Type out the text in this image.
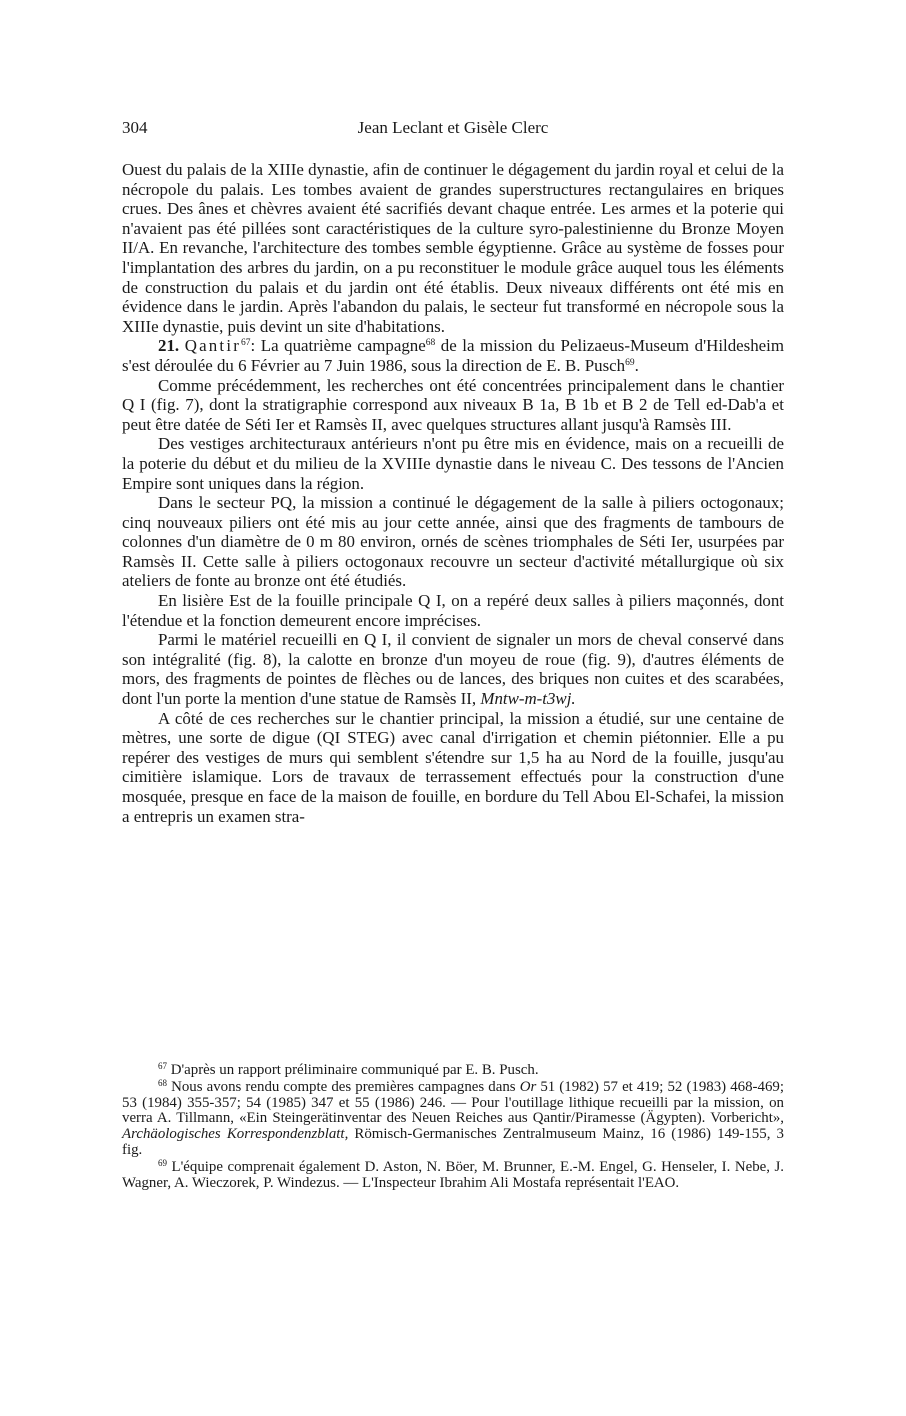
304	Jean Leclant et Gisèle Clerc

Ouest du palais de la XIIIe dynastie, afin de continuer le dégagement du jardin royal et celui de la nécropole du palais. Les tombes avaient de grandes superstructures rectangulaires en briques crues. Des ânes et chèvres avaient été sacrifiés devant chaque entrée. Les armes et la poterie qui n'avaient pas été pillées sont caractéristiques de la culture syro-palestinienne du Bronze Moyen II/A. En revanche, l'architecture des tombes semble égyptienne. Grâce au système de fosses pour l'implantation des arbres du jardin, on a pu reconstituer le module grâce auquel tous les éléments de construction du palais et du jardin ont été établis. Deux niveaux différents ont été mis en évidence dans le jardin. Après l'abandon du palais, le secteur fut transformé en nécropole sous la XIIIe dynastie, puis devint un site d'habitations.

21. Qantir$^{67}$: La quatrième campagne$^{68}$ de la mission du Pelizaeus-Museum d'Hildesheim s'est déroulée du 6 Février au 7 Juin 1986, sous la direction de E. B. Pusch$^{69}$.

Comme précédemment, les recherches ont été concentrées principalement dans le chantier Q I (fig. 7), dont la stratigraphie correspond aux niveaux B 1a, B 1b et B 2 de Tell ed-Dab'a et peut être datée de Séti Ier et Ramsès II, avec quelques structures allant jusqu'à Ramsès III.

Des vestiges architecturaux antérieurs n'ont pu être mis en évidence, mais on a recueilli de la poterie du début et du milieu de la XVIIIe dynastie dans le niveau C. Des tessons de l'Ancien Empire sont uniques dans la région.

Dans le secteur PQ, la mission a continué le dégagement de la salle à piliers octogonaux; cinq nouveaux piliers ont été mis au jour cette année, ainsi que des fragments de tambours de colonnes d'un diamètre de 0 m 80 environ, ornés de scènes triomphales de Séti Ier, usurpées par Ramsès II. Cette salle à piliers octogonaux recouvre un secteur d'activité métallurgique où six ateliers de fonte au bronze ont été étudiés.

En lisière Est de la fouille principale Q I, on a repéré deux salles à piliers maçonnés, dont l'étendue et la fonction demeurent encore imprécises.

Parmi le matériel recueilli en Q I, il convient de signaler un mors de cheval conservé dans son intégralité (fig. 8), la calotte en bronze d'un moyeu de roue (fig. 9), d'autres éléments de mors, des fragments de pointes de flèches ou de lances, des briques non cuites et des scarabées, dont l'un porte la mention d'une statue de Ramsès II, Mntw-m-t3wj.

A côté de ces recherches sur le chantier principal, la mission a étudié, sur une centaine de mètres, une sorte de digue (QI STEG) avec canal d'irrigation et chemin piétonnier. Elle a pu repérer des vestiges de murs qui semblent s'étendre sur 1,5 ha au Nord de la fouille, jusqu'au cimitière islamique. Lors de travaux de terrassement effectués pour la construction d'une mosquée, presque en face de la maison de fouille, en bordure du Tell Abou El-Schafei, la mission a entrepris un examen stra-

$^{67}$ D'après un rapport préliminaire communiqué par E. B. Pusch.

$^{68}$ Nous avons rendu compte des premières campagnes dans Or 51 (1982) 57 et 419; 52 (1983) 468-469; 53 (1984) 355-357; 54 (1985) 347 et 55 (1986) 246. — Pour l'outillage lithique recueilli par la mission, on verra A. Tillmann, «Ein Steingerätinventar des Neuen Reiches aus Qantir/Piramesse (Ägypten). Vorbericht», Archäologisches Korrespondenzblatt, Römisch-Germanisches Zentralmuseum Mainz, 16 (1986) 149-155, 3 fig.

$^{69}$ L'équipe comprenait également D. Aston, N. Böer, M. Brunner, E.-M. Engel, G. Henseler, I. Nebe, J. Wagner, A. Wieczorek, P. Windezus. — L'Inspecteur Ibrahim Ali Mostafa représentait l'EAO.
